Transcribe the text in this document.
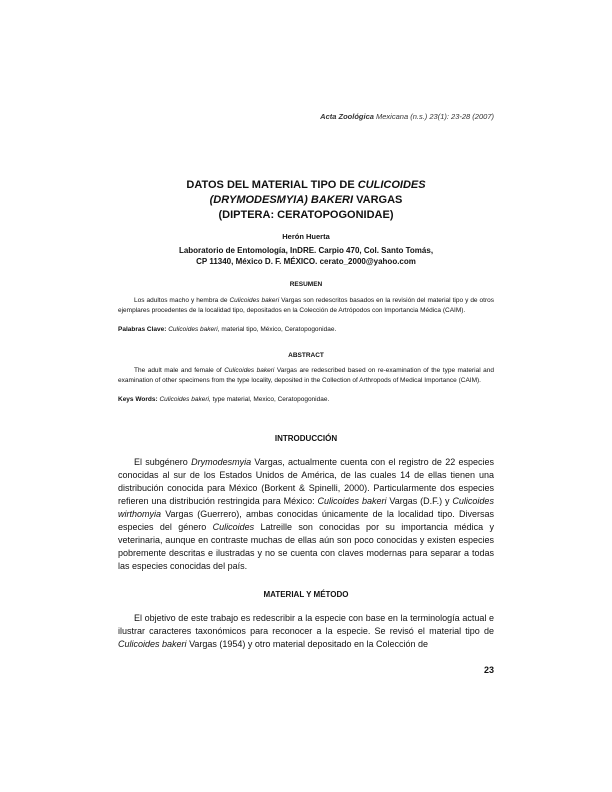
Acta Zoológica Mexicana (n.s.) 23(1): 23-28 (2007)
DATOS DEL MATERIAL TIPO DE CULICOIDES
(DRYMODESMYIA) BAKERI VARGAS
(DIPTERA: CERATOPOGONIDAE)
Herón Huerta
Laboratorio de Entomología, InDRE. Carpio 470, Col. Santo Tomás,
CP 11340, México D. F. MÉXICO. cerato_2000@yahoo.com
RESUMEN
Los adultos macho y hembra de Culicoides bakeri Vargas son redescritos basados en la revisión del material tipo y de otros ejemplares procedentes de la localidad tipo, depositados en la Colección de Artrópodos con Importancia Médica (CAIM).
Palabras Clave: Culicoides bakeri, material tipo, México, Ceratopogonidae.
ABSTRACT
The adult male and female of Culicoides bakeri Vargas are redescribed based on re-examination of the type material and examination of other specimens from the type locality, deposited in the Collection of Arthropods of Medical Importance (CAIM).
Keys Words: Culicoides bakeri, type material, Mexico, Ceratopogonidae.
INTRODUCCIÓN
El subgénero Drymodesmyia Vargas, actualmente cuenta con el registro de 22 especies conocidas al sur de los Estados Unidos de América, de las cuales 14 de ellas tienen una distribución conocida para México (Borkent & Spinelli, 2000). Particularmente dos especies refieren una distribución restringida para México: Culicoides bakeri Vargas (D.F.) y Culicoides wirthomyia Vargas (Guerrero), ambas conocidas únicamente de la localidad tipo. Diversas especies del género Culicoides Latreille son conocidas por su importancia médica y veterinaria, aunque en contraste muchas de ellas aún son poco conocidas y existen especies pobremente descritas e ilustradas y no se cuenta con claves modernas para separar a todas las especies conocidas del país.
MATERIAL Y MÉTODO
El objetivo de este trabajo es redescribir a la especie con base en la terminología actual e ilustrar caracteres taxonómicos para reconocer a la especie. Se revisó el material tipo de Culicoides bakeri Vargas (1954) y otro material depositado en la Colección de
23
